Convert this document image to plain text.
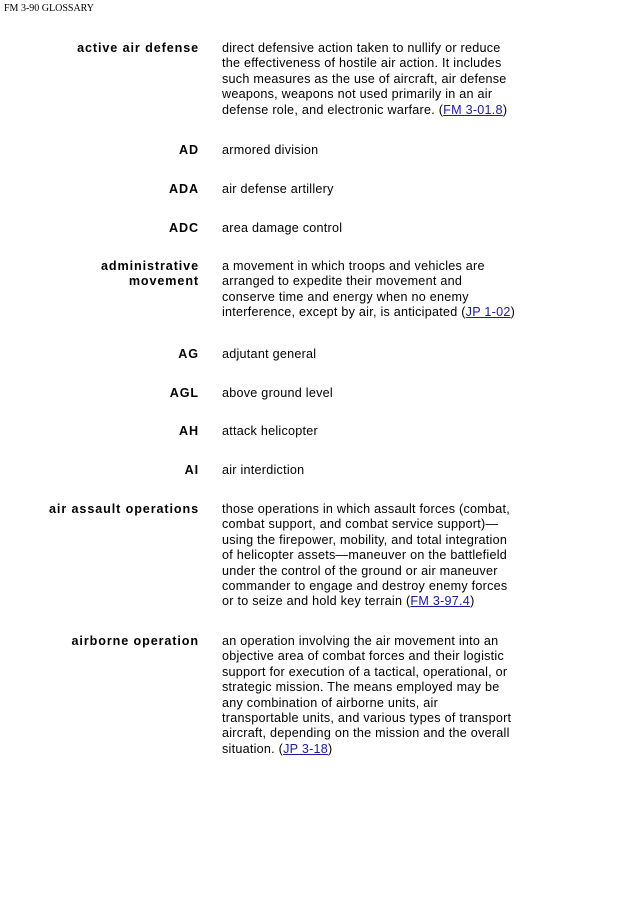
FM 3-90 GLOSSARY
active air defense direct defensive action taken to nullify or reduce
the effectiveness of hostile air action. It includes
such measures as the use of aircraft, air defense
weapons, weapons not used primarily in an air
defense role, and electronic warfare. (FM 3-01.8)
AD armored division
ADA air defense artillery
ADC area damage control
administrative
movement
a movement in which troops and vehicles are
arranged to expedite their movement and
conserve time and energy when no enemy
interference, except by air, is anticipated (JP 1-02)
AG adjutant general
AGL above ground level
AH attack helicopter
AI air interdiction
air assault operations those operations in which assault forces (combat,
combat support, and combat service support)—
using the firepower, mobility, and total integration
of helicopter assets—maneuver on the battlefield
under the control of the ground or air maneuver
commander to engage and destroy enemy forces
or to seize and hold key terrain (FM 3-97.4)
airborne operation an operation involving the air movement into an
objective area of combat forces and their logistic
support for execution of a tactical, operational, or
strategic mission. The means employed may be
any combination of airborne units, air
transportable units, and various types of transport
aircraft, depending on the mission and the overall
situation. (JP 3-18)
